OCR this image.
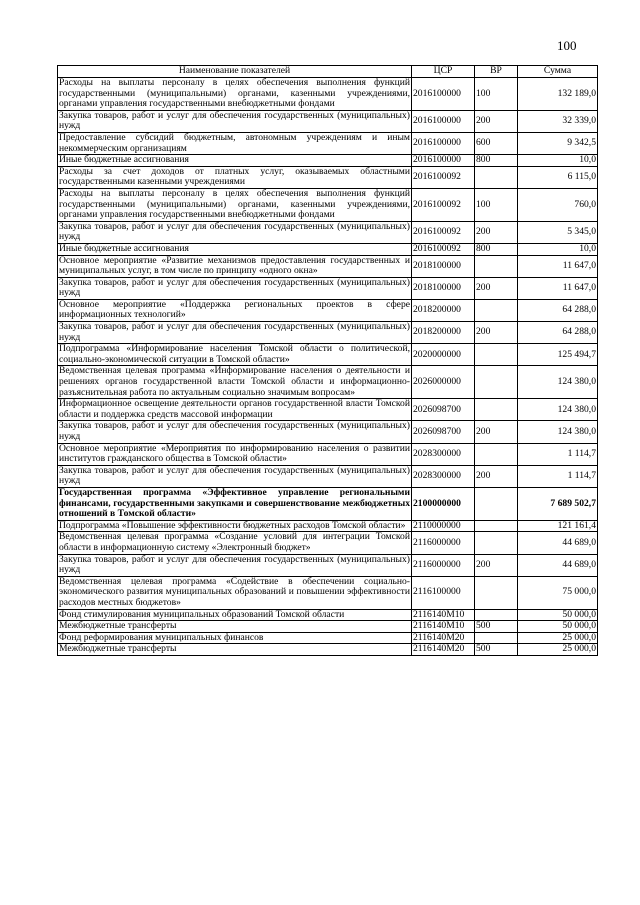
100
Наименование показателей	ЦСР	ВР	Сумма
Расходы на выплаты персоналу в целях обеспечения выполнения функций государственными (муниципальными) органами, казенными учреждениями, органами управления государственными внебюджетными фондами	2016100000	100	132 189,0
Закупка товаров, работ и услуг для обеспечения государственных (муниципальных) нужд	2016100000	200	32 339,0
Предоставление субсидий бюджетным, автономным учреждениям и иным некоммерческим организациям	2016100000	600	9 342,5
Иные бюджетные ассигнования	2016100000	800	10,0
Расходы за счет доходов от платных услуг, оказываемых областными государственными казенными учреждениями	2016100092		6 115,0
Расходы на выплаты персоналу в целях обеспечения выполнения функций государственными (муниципальными) органами, казенными учреждениями, органами управления государственными внебюджетными фондами	2016100092	100	760,0
Закупка товаров, работ и услуг для обеспечения государственных (муниципальных) нужд	2016100092	200	5 345,0
Иные бюджетные ассигнования	2016100092	800	10,0
Основное мероприятие «Развитие механизмов предоставления государственных и муниципальных услуг, в том числе по принципу «одного окна»	2018100000		11 647,0
Закупка товаров, работ и услуг для обеспечения государственных (муниципальных) нужд	2018100000	200	11 647,0
Основное мероприятие «Поддержка региональных проектов в сфере информационных технологий»	2018200000		64 288,0
Закупка товаров, работ и услуг для обеспечения государственных (муниципальных) нужд	2018200000	200	64 288,0
Подпрограмма «Информирование населения Томской области о политической, социально-экономической ситуации в Томской области»	2020000000		125 494,7
Ведомственная целевая программа «Информирование населения о деятельности и решениях органов государственной власти Томской области и информационно-разъяснительная работа по актуальным социально значимым вопросам»	2026000000		124 380,0
Информационное освещение деятельности органов государственной власти Томской области и поддержка средств массовой информации	2026098700		124 380,0
Закупка товаров, работ и услуг для обеспечения государственных (муниципальных) нужд	2026098700	200	124 380,0
Основное мероприятие «Мероприятия по информированию населения о развитии институтов гражданского общества в Томской области»	2028300000		1 114,7
Закупка товаров, работ и услуг для обеспечения государственных (муниципальных) нужд	2028300000	200	1 114,7
Государственная программа «Эффективное управление региональными финансами, государственными закупками и совершенствование межбюджетных отношений в Томской области»	2100000000		7 689 502,7
Подпрограмма «Повышение эффективности бюджетных расходов Томской области»	2110000000		121 161,4
Ведомственная целевая программа «Создание условий для интеграции Томской области в информационную систему «Электронный бюджет»	2116000000		44 689,0
Закупка товаров, работ и услуг для обеспечения государственных (муниципальных) нужд	2116000000	200	44 689,0
Ведомственная целевая программа «Содействие в обеспечении социально-экономического развития муниципальных образований и повышении эффективности расходов местных бюджетов»	2116100000		75 000,0
Фонд стимулирования муниципальных образований Томской области	2116140М10		50 000,0
Межбюджетные трансферты	2116140М10	500	50 000,0
Фонд реформирования муниципальных финансов	2116140М20		25 000,0
Межбюджетные трансферты	2116140М20	500	25 000,0
